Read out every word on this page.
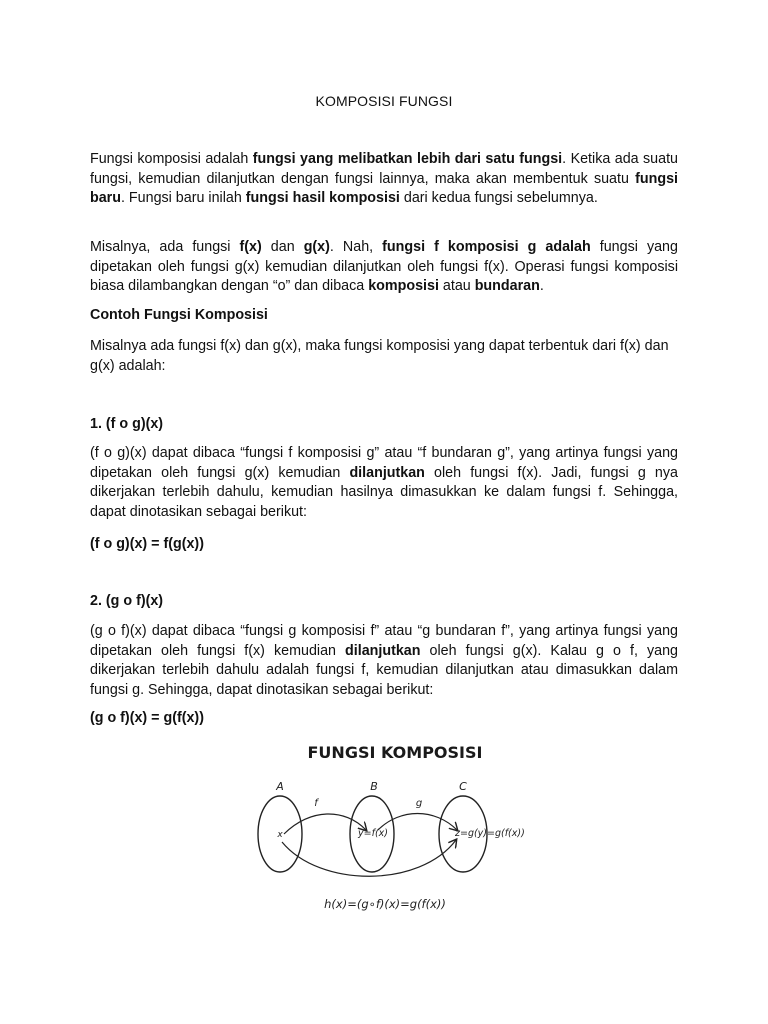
KOMPOSISI FUNGSI

Fungsi komposisi adalah fungsi yang melibatkan lebih dari satu fungsi. Ketika ada suatu fungsi, kemudian dilanjutkan dengan fungsi lainnya, maka akan membentuk suatu fungsi baru. Fungsi baru inilah fungsi hasil komposisi dari kedua fungsi sebelumnya.

Misalnya, ada fungsi f(x) dan g(x). Nah, fungsi f komposisi g adalah fungsi yang dipetakan oleh fungsi g(x) kemudian dilanjutkan oleh fungsi f(x). Operasi fungsi komposisi biasa dilambangkan dengan “o” dan dibaca komposisi atau bundaran.

Contoh Fungsi Komposisi

Misalnya ada fungsi f(x) dan g(x), maka fungsi komposisi yang dapat terbentuk dari f(x) dan g(x) adalah:

1. (f o g)(x)

(f o g)(x) dapat dibaca “fungsi f komposisi g” atau “f bundaran g”, yang artinya fungsi yang dipetakan oleh fungsi g(x) kemudian dilanjutkan oleh fungsi f(x). Jadi, fungsi g nya dikerjakan terlebih dahulu, kemudian hasilnya dimasukkan ke dalam fungsi f. Sehingga, dapat dinotasikan sebagai berikut:

(f o g)(x) = f(g(x))

2. (g o f)(x)

(g o f)(x) dapat dibaca “fungsi g komposisi f” atau “g bundaran f”, yang artinya fungsi yang dipetakan oleh fungsi f(x) kemudian dilanjutkan oleh fungsi g(x). Kalau g o f, yang dikerjakan terlebih dahulu adalah fungsi f, kemudian dilanjutkan atau dimasukkan dalam fungsi g. Sehingga, dapat dinotasikan sebagai berikut:

(g o f)(x) = g(f(x))

FUNGSI KOMPOSISI
A	B	C
f	g
x	y=f(x)	z=g(y)=g(f(x))
h(x)=(g∘f)(x)=g(f(x))
